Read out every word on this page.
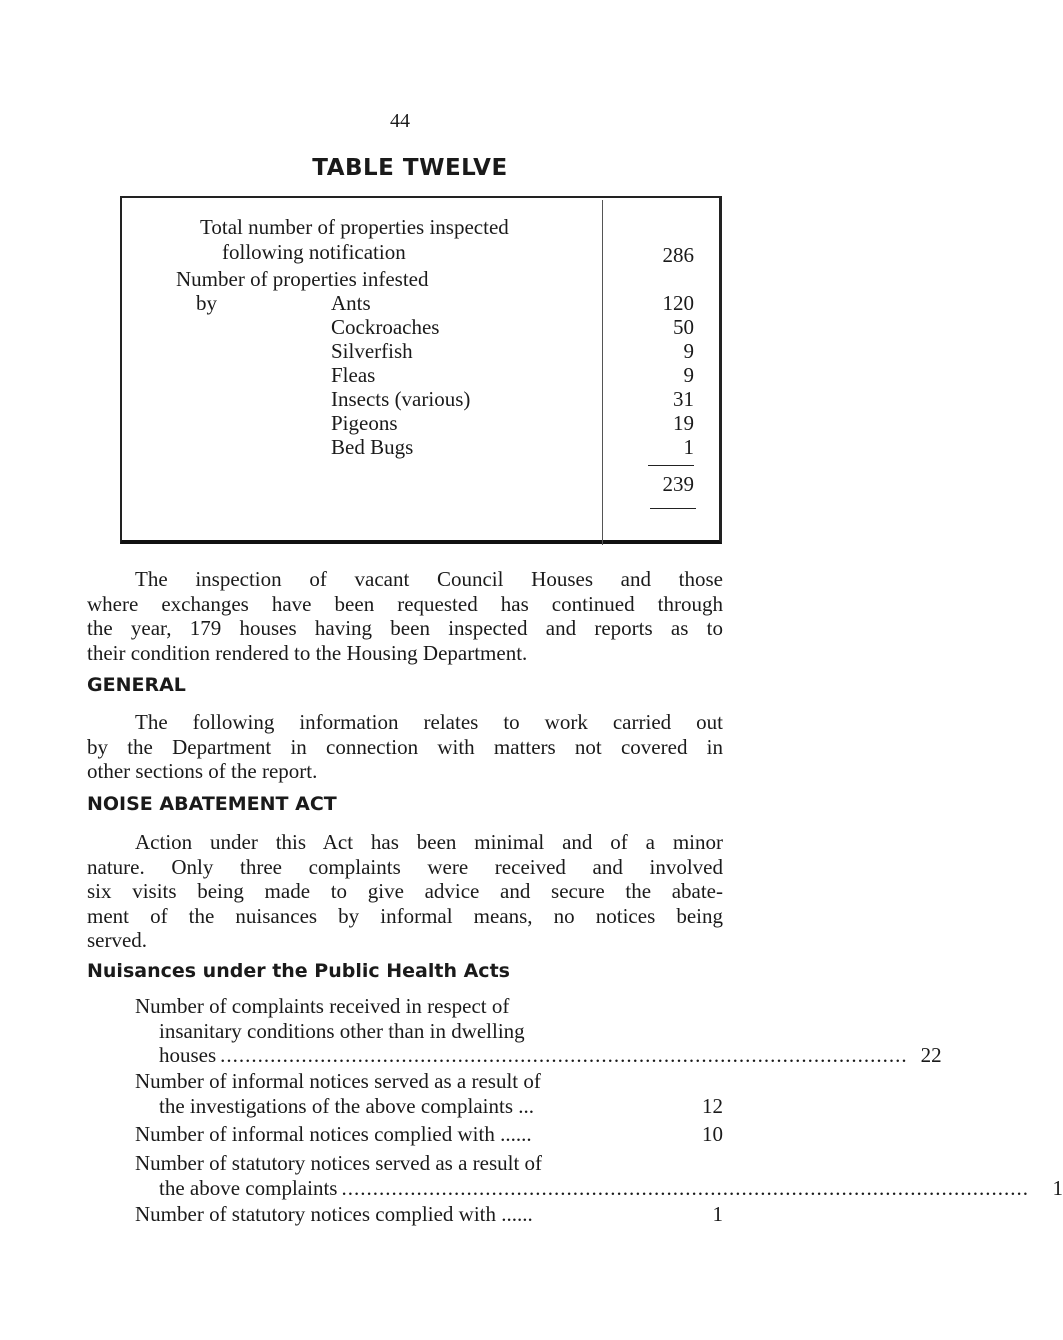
44
TABLE TWELVE
Total number of properties inspected
following notification	286
Number of properties infested
by	Ants	120
Cockroaches	50
Silverfish	9
Fleas	9
Insects (various)	31
Pigeons	19
Bed Bugs	1
239
The inspection of vacant Council Houses and those
where exchanges have been requested has continued through
the year, 179 houses having been inspected and reports as to
their condition rendered to the Housing Department.
GENERAL
The following information relates to work carried out
by the Department in connection with matters not covered in
other sections of the report.
NOISE ABATEMENT ACT
Action under this Act has been minimal and of a minor
nature. Only three complaints were received and involved
six visits being made to give advice and secure the abate-
ment of the nuisances by informal means, no notices being
served.
Nuisances under the Public Health Acts
Number of complaints received in respect of
insanitary conditions other than in dwelling
houses .............................................................................................................. 22
Number of informal notices served as a result of
the investigations of the above complaints ...	12
Number of informal notices complied with ......	10
Number of statutory notices served as a result of
the above complaints ..............................................................................................................	1
Number of statutory notices complied with ......	1
